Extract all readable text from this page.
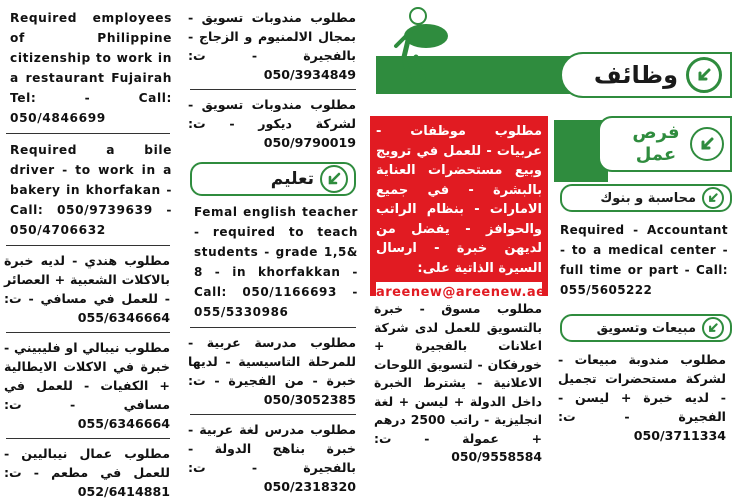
Required employees of Philippine citizenship to work in a restaurant Fujairah Tel: - Call: 050/4846699
Required a bile driver - to work in a bakery in khorfakan - Call: 050/9739639 - 050/4706632
مطلوب هندي - لديه خبرة بالاكلات الشعبية + العصائر - للعمل في مسافي - ت: 055/6346664
مطلوب نيبالي او فليبيني - خبرة في الاكلات الايطالية + الكفيات - للعمل في مسافي - ت: 055/6346664
مطلوب عمال نيباليين - للعمل في مطعم - ت: 052/6414881
مطلوب مندوبات تسويق - بمجال الالمنيوم و الزجاج - بالفجيرة - ت: 050/3934849
مطلوب مندوبات تسويق - لشركة ديكور - ت: 050/9790019
تعليم
Femal english teacher - required to teach students - grade 1,5& 8 - in khorfakkan - Call: 050/1166693 - 055/5330986
مطلوب مدرسة عربية - للمرحلة التاسيسية - لديها خبرة - من الفجيرة - ت: 050/3052385
مطلوب مدرس لغة عربية - خبرة بناهج الدولة - بالفجيرة - ت: 050/2318320
وظائف
مطلوب موظفات - عربيات - للعمل في ترويج وبيع مستحضرات العناية بالبشرة - في جميع الامارات - بنظام الراتب والحوافز - يفضل من لديهن خبرة - ارسال السيرة الذاتية على:
areenew@areenew.ae
مطلوب مسوق - خبرة بالتسويق للعمل لدى شركة اعلانات بالفجيرة + خورفكان - لتسويق اللوحات الاعلانية - يشترط الخبرة داخل الدولة + ليسن + لغة انجليزية - راتب 2500 درهم + عمولة - ت: 050/9558584
فرص عمل
محاسبة و بنوك
Required - Accountant - to a medical center - full time or part - Call: 055/5605222
مبيعات وتسويق
مطلوب مندوبة مبيعات - لشركة مستحضرات تجميل - لديه خبرة + ليسن - الفجيرة - ت: 050/3711334
